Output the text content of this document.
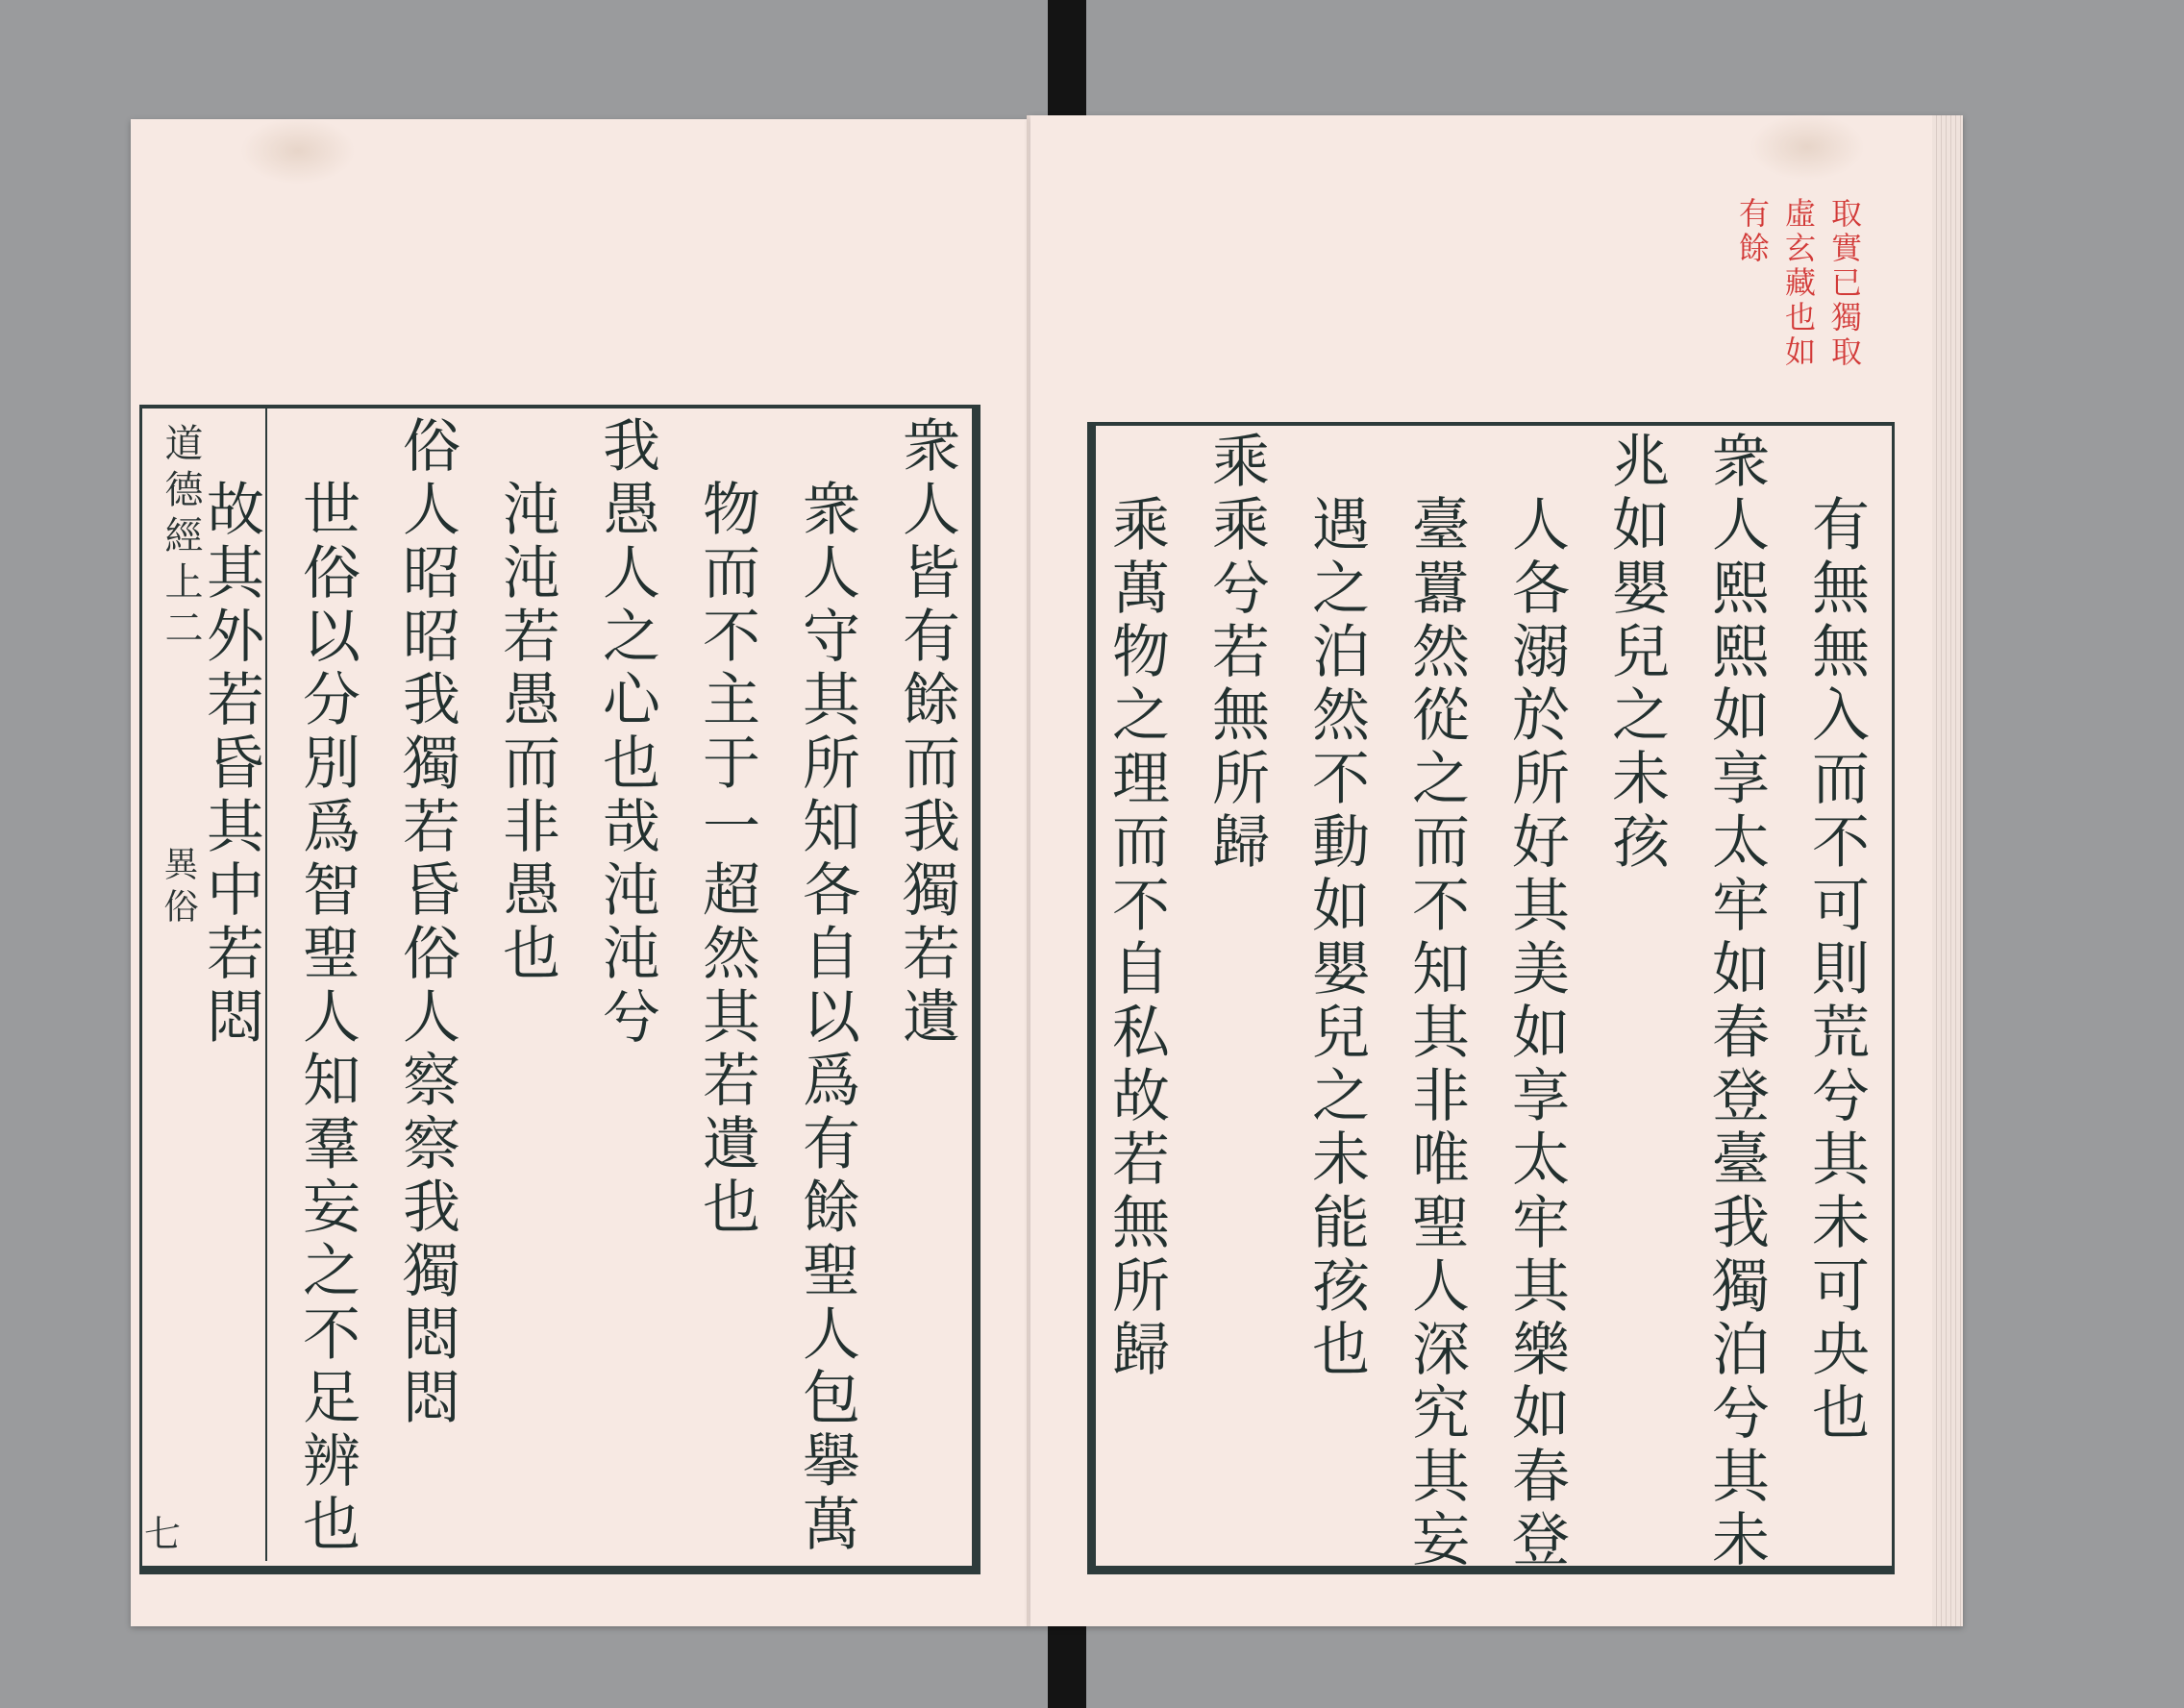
道德經上二
異俗
七
衆人皆有餘而我獨若遺
衆人守其所知各自以爲有餘聖人包擧萬
物而不主于一超然其若遺也
我愚人之心也哉沌沌兮
沌沌若愚而非愚也
俗人昭昭我獨若昏俗人察察我獨悶悶
世俗以分別爲智聖人知羣妄之不足辨也
故其外若昏其中若悶
取實已獨取
虛玄藏也如
有餘
有無無入而不可則荒兮其未可央也
衆人熙熙如享太牢如春登臺我獨泊兮其未
兆如嬰兒之未孩
人各溺於所好其美如享太牢其樂如春登
臺囂然從之而不知其非唯聖人深究其妄
遇之泊然不動如嬰兒之未能孩也
乘乘兮若無所歸
乘萬物之理而不自私故若無所歸
